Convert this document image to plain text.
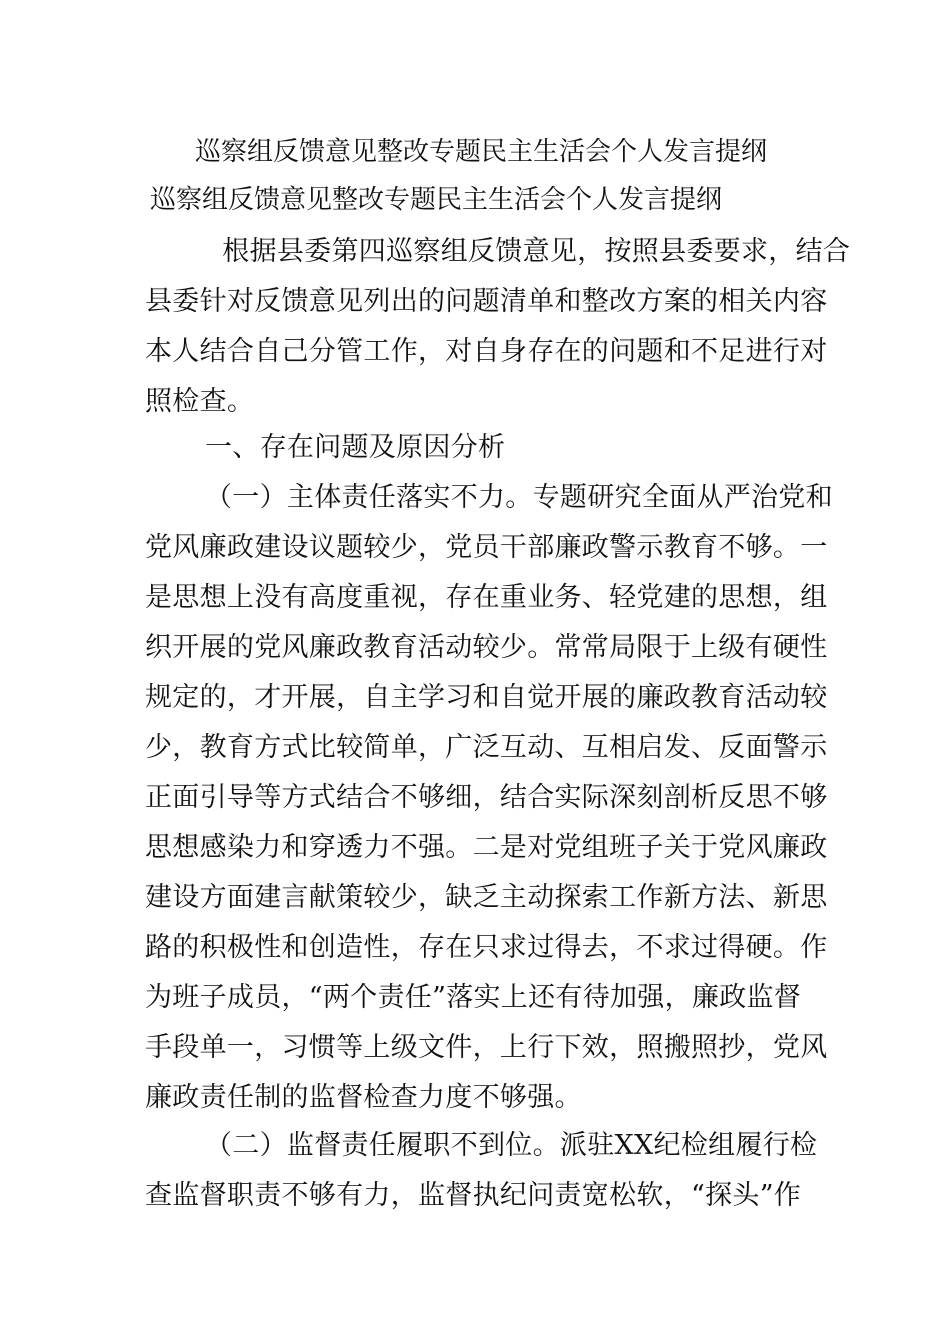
巡察组反馈意见整改专题民主生活会个人发言提纲
巡察组反馈意见整改专题民主生活会个人发言提纲
　根据县委第四巡察组反馈意见，按照县委要求，结合
县委针对反馈意见列出的问题清单和整改方案的相关内容
本人结合自己分管工作，对自身存在的问题和不足进行对
照检查。
一、存在问题及原因分析
（一）主体责任落实不力。专题研究全面从严治党和
党风廉政建设议题较少，党员干部廉政警示教育不够。一
是思想上没有高度重视，存在重业务、轻党建的思想，组
织开展的党风廉政教育活动较少。常常局限于上级有硬性
规定的，才开展，自主学习和自觉开展的廉政教育活动较
少，教育方式比较简单，广泛互动、互相启发、反面警示
正面引导等方式结合不够细，结合实际深刻剖析反思不够
思想感染力和穿透力不强。二是对党组班子关于党风廉政
建设方面建言献策较少，缺乏主动探索工作新方法、新思
路的积极性和创造性，存在只求过得去，不求过得硬。作
为班子成员，“两个责任”落实上还有待加强，廉政监督
手段单一，习惯等上级文件，上行下效，照搬照抄，党风
廉政责任制的监督检查力度不够强。
（二）监督责任履职不到位。派驻XX纪检组履行检
查监督职责不够有力，监督执纪问责宽松软，“探头”作
